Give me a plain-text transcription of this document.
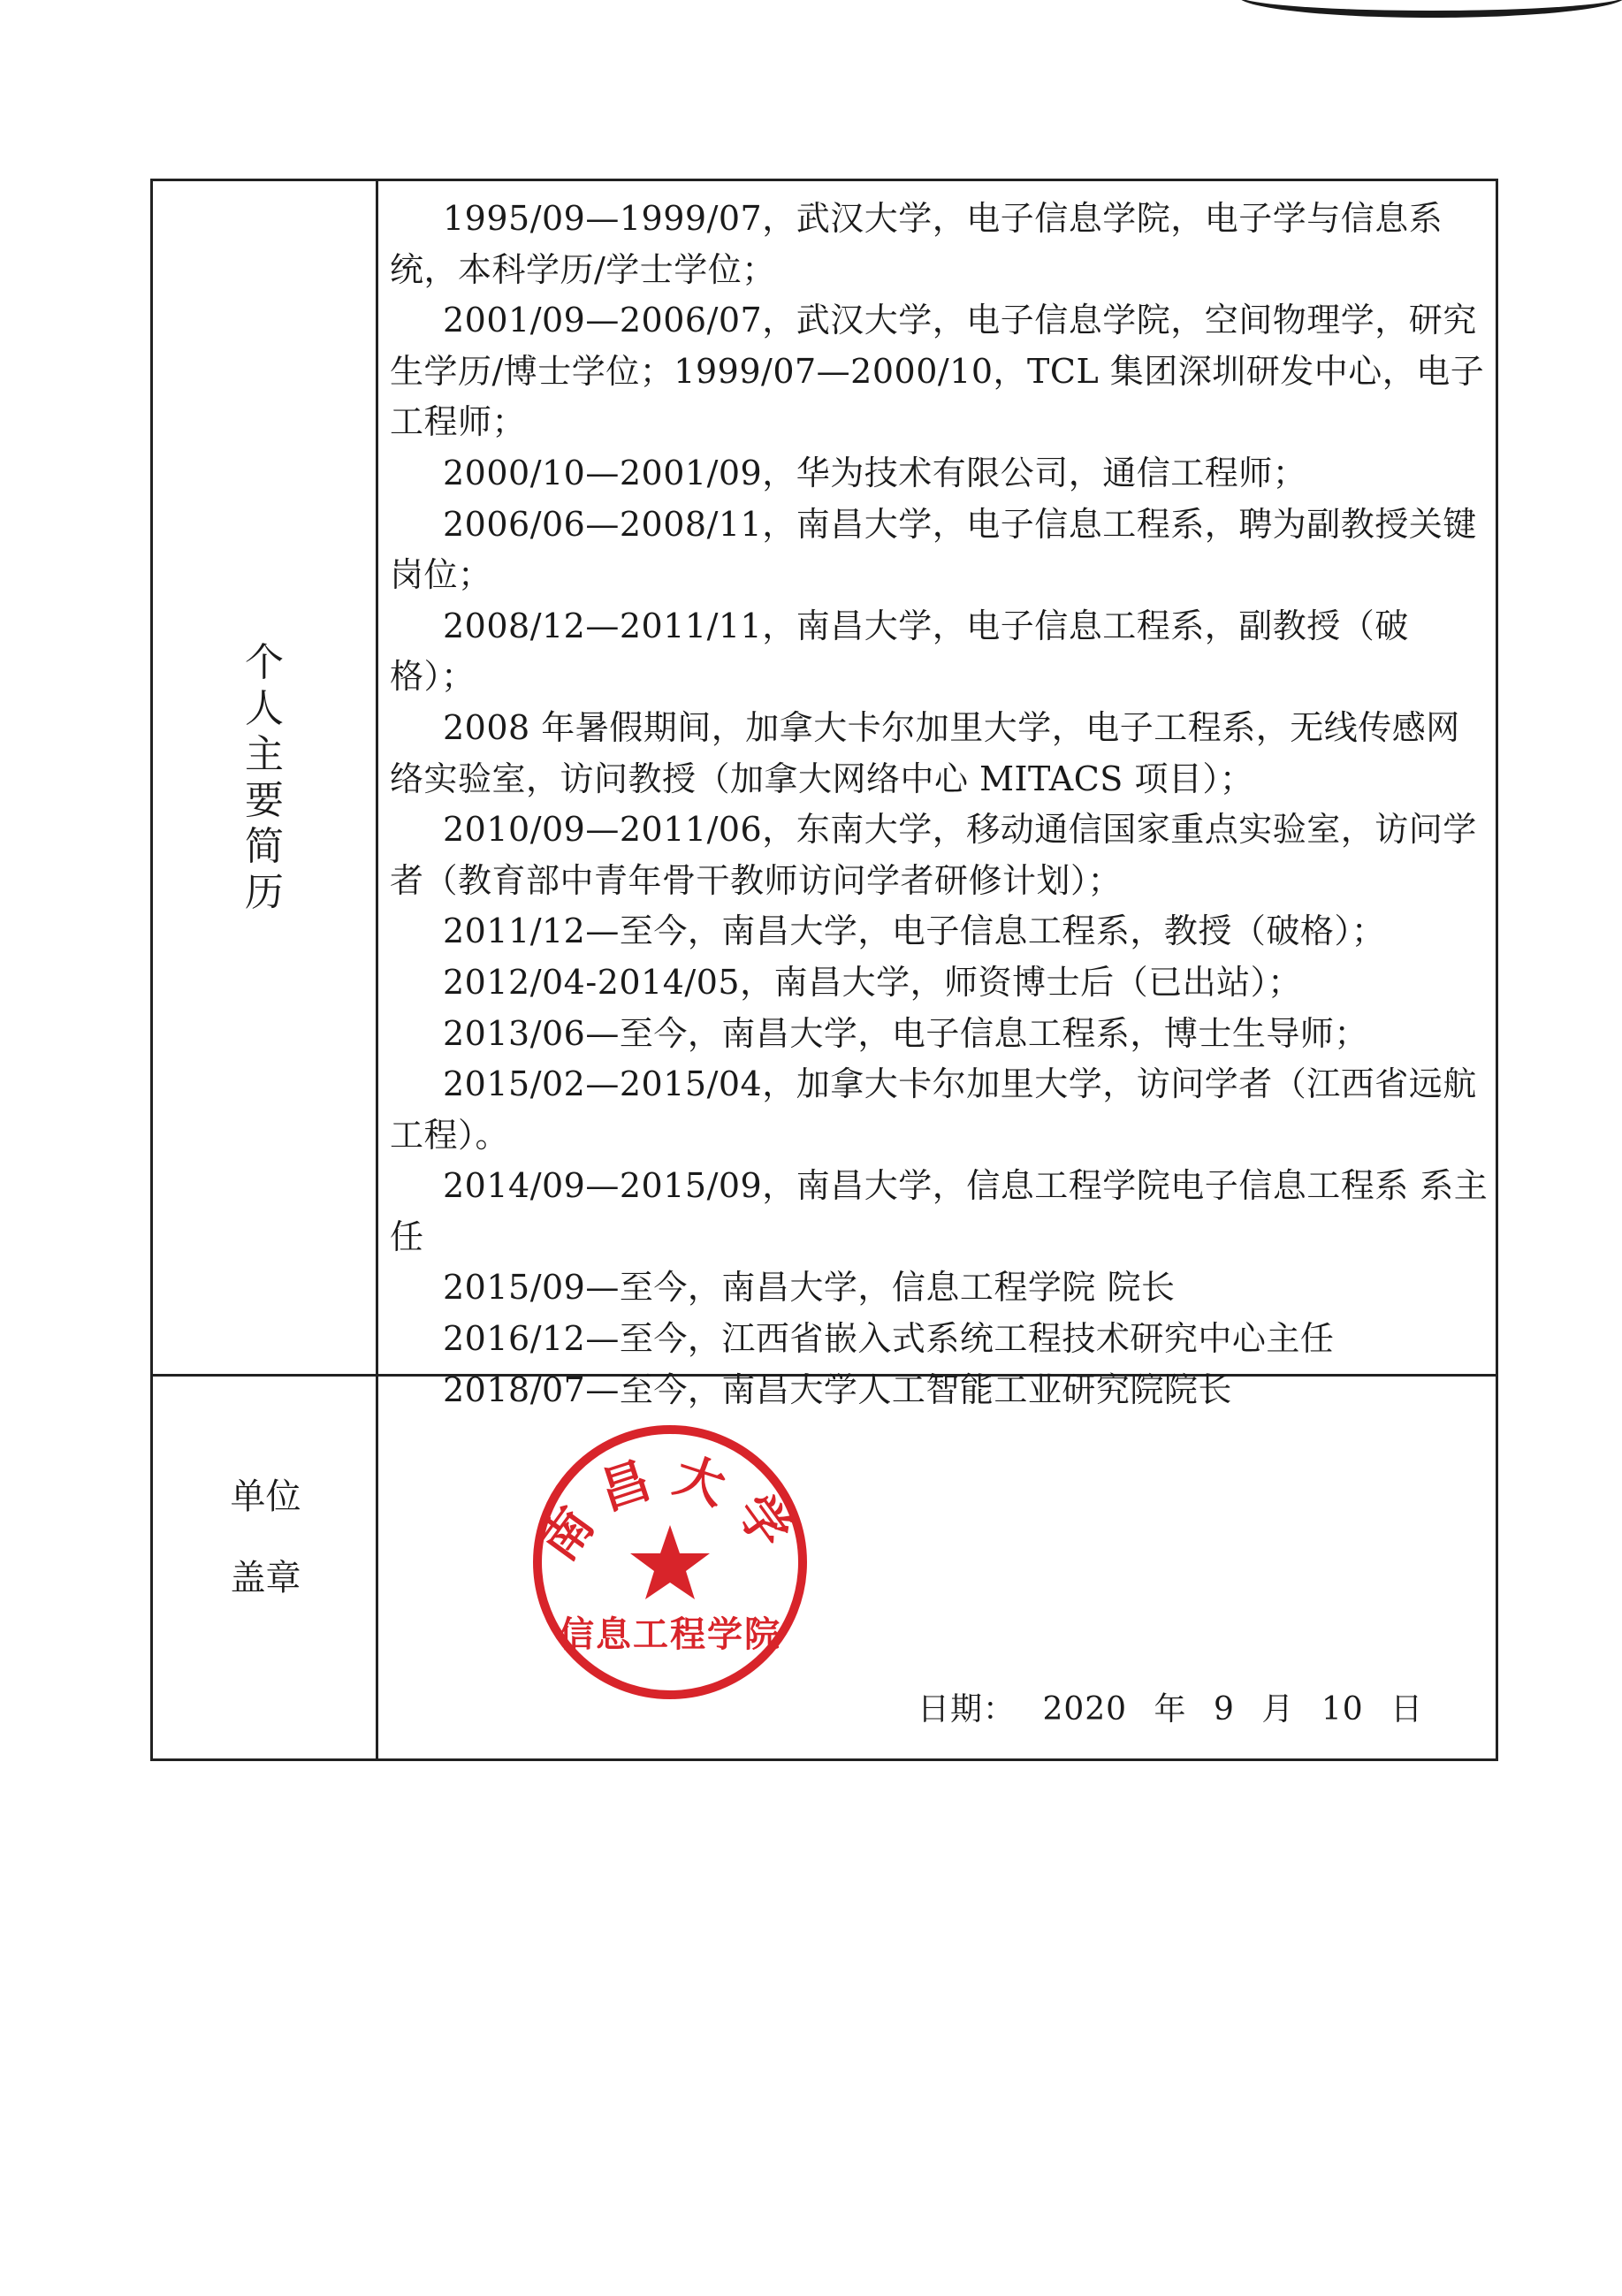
个人主要简历

1995/09—1999/07，武汉大学，电子信息学院，电子学与信息系统，本科学历/学士学位；

2001/09—2006/07，武汉大学，电子信息学院，空间物理学，研究生学历/博士学位；1999/07—2000/10，TCL 集团深圳研发中心，电子工程师；

2000/10—2001/09，华为技术有限公司，通信工程师；

2006/06—2008/11，南昌大学，电子信息工程系，聘为副教授关键岗位；

2008/12—2011/11，南昌大学，电子信息工程系，副教授（破格）；

2008 年暑假期间，加拿大卡尔加里大学，电子工程系，无线传感网络实验室，访问教授（加拿大网络中心 MITACS 项目）；

2010/09—2011/06，东南大学，移动通信国家重点实验室，访问学者（教育部中青年骨干教师访问学者研修计划）；

2011/12—至今，南昌大学，电子信息工程系，教授（破格）；

2012/04-2014/05，南昌大学，师资博士后（已出站）；

2013/06—至今，南昌大学，电子信息工程系，博士生导师；

2015/02—2015/04，加拿大卡尔加里大学，访问学者（江西省远航工程）。

2014/09—2015/09，南昌大学，信息工程学院电子信息工程系 系主任

2015/09—至今，南昌大学，信息工程学院 院长

2016/12—至今，江西省嵌入式系统工程技术研究中心主任

2018/07—至今，南昌大学人工智能工业研究院院长

单位
盖章
南昌大学
信息工程学院
日期： 2020 年 9 月 10 日
